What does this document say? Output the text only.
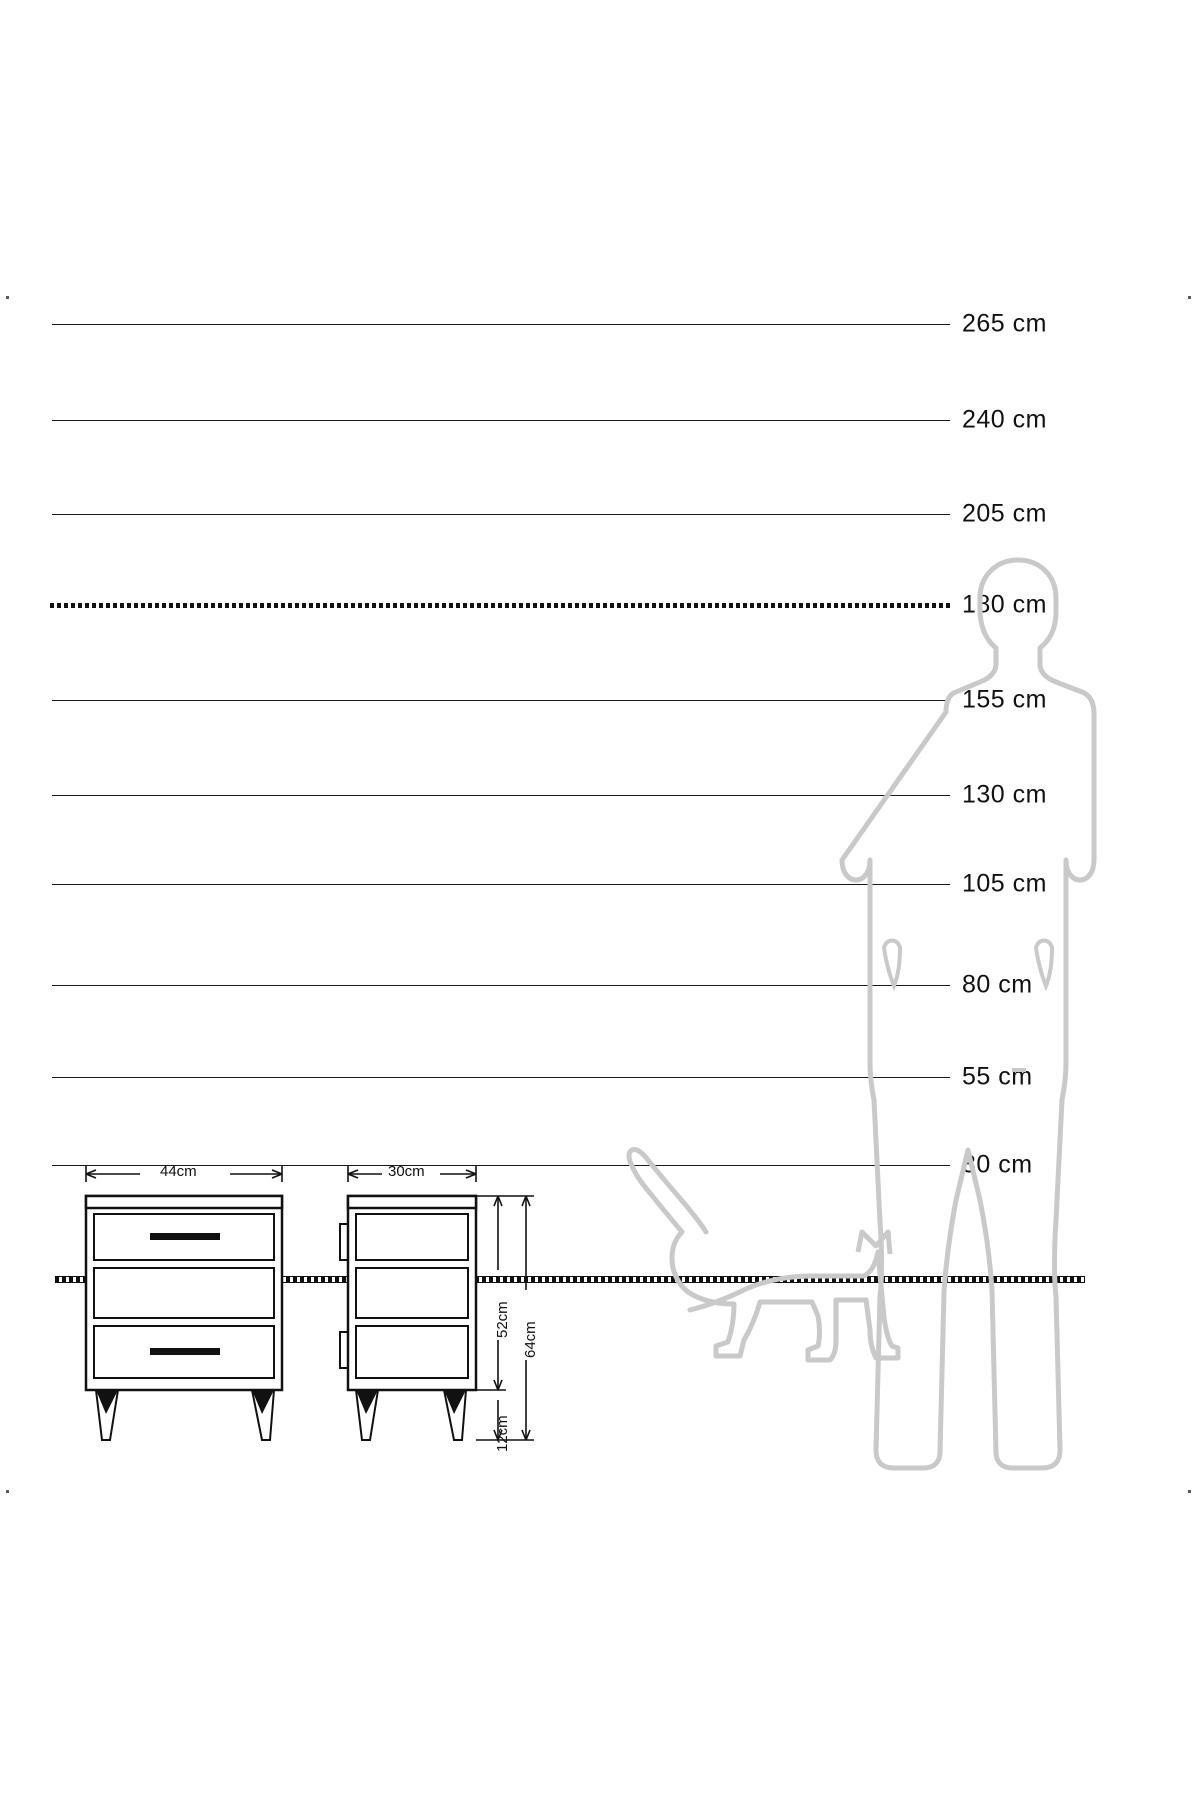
265 cm
240 cm
205 cm
180 cm
155 cm
130 cm
105 cm
80 cm
55 cm
30 cm
44cm	30cm
52cm
64cm
12cm
